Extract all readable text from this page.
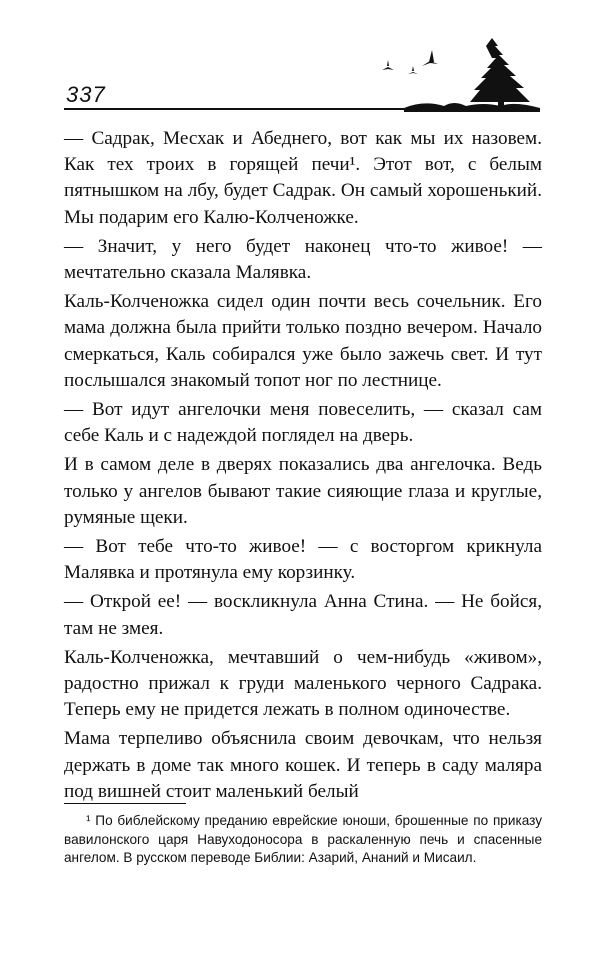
337

— Садрак, Месхак и Абеднего, вот как мы их назовем. Как тех троих в горящей печи¹. Этот вот, с белым пятнышком на лбу, будет Садрак. Он самый хорошенький. Мы подарим его Калю-Колченожке.

— Значит, у него будет наконец что-то живое! — мечтательно сказала Малявка.

Каль-Колченожка сидел один почти весь сочельник. Его мама должна была прийти только поздно вечером. Начало смеркаться, Каль собирался уже было зажечь свет. И тут послышался знакомый топот ног по лестнице.

— Вот идут ангелочки меня повеселить, — сказал сам себе Каль и с надеждой поглядел на дверь.

И в самом деле в дверях показались два ангелочка. Ведь только у ангелов бывают такие сияющие глаза и круглые, румяные щеки.

— Вот тебе что-то живое! — с восторгом крикнула Малявка и протянула ему корзинку.

— Открой ее! — воскликнула Анна Стина. — Не бойся, там не змея.

Каль-Колченожка, мечтавший о чем-нибудь «живом», радостно прижал к груди маленького черного Садрака. Теперь ему не придется лежать в полном одиночестве.

Мама терпеливо объяснила своим девочкам, что нельзя держать в доме так много кошек. И теперь в саду маляра под вишней стоит маленький белый

¹ По библейскому преданию еврейские юноши, брошенные по приказу вавилонского царя Навуходоносора в раскаленную печь и спасенные ангелом. В русском переводе Библии: Азарий, Ананий и Мисаил.
